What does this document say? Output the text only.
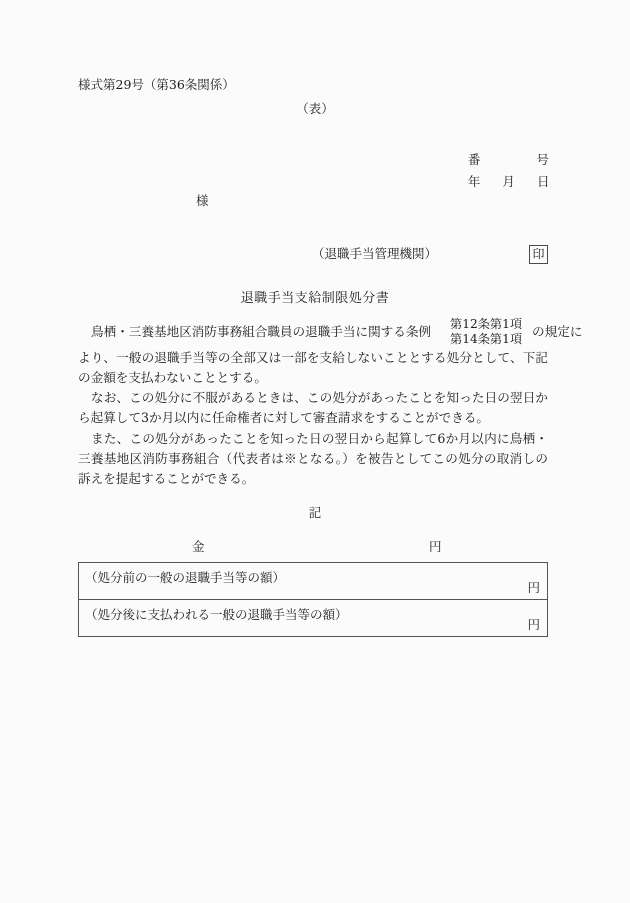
様式第29号（第36条関係）
（表）

番	号

年 月 日

様
（退職手当管理機関）	印
退職手当支給制限処分書
鳥栖・三養基地区消防事務組合職員の退職手当に関する条例
第12条第1項
第14条第1項 の規定に
より、一般の退職手当等の全部又は一部を支給しないこととする処分として、下記の金額を支払わないこととする。
なお、この処分に不服があるときは、この処分があったことを知った日の翌日から起算して3か月以内に任命権者に対して審査請求をすることができる。
また、この処分があったことを知った日の翌日から起算して6か月以内に鳥栖・三養基地区消防事務組合（代表者は※となる。）を被告としてこの処分の取消しの訴えを提起することができる。
記
金	円
（処分前の一般の退職手当等の額）
円

（処分後に支払われる一般の退職手当等の額）
円
